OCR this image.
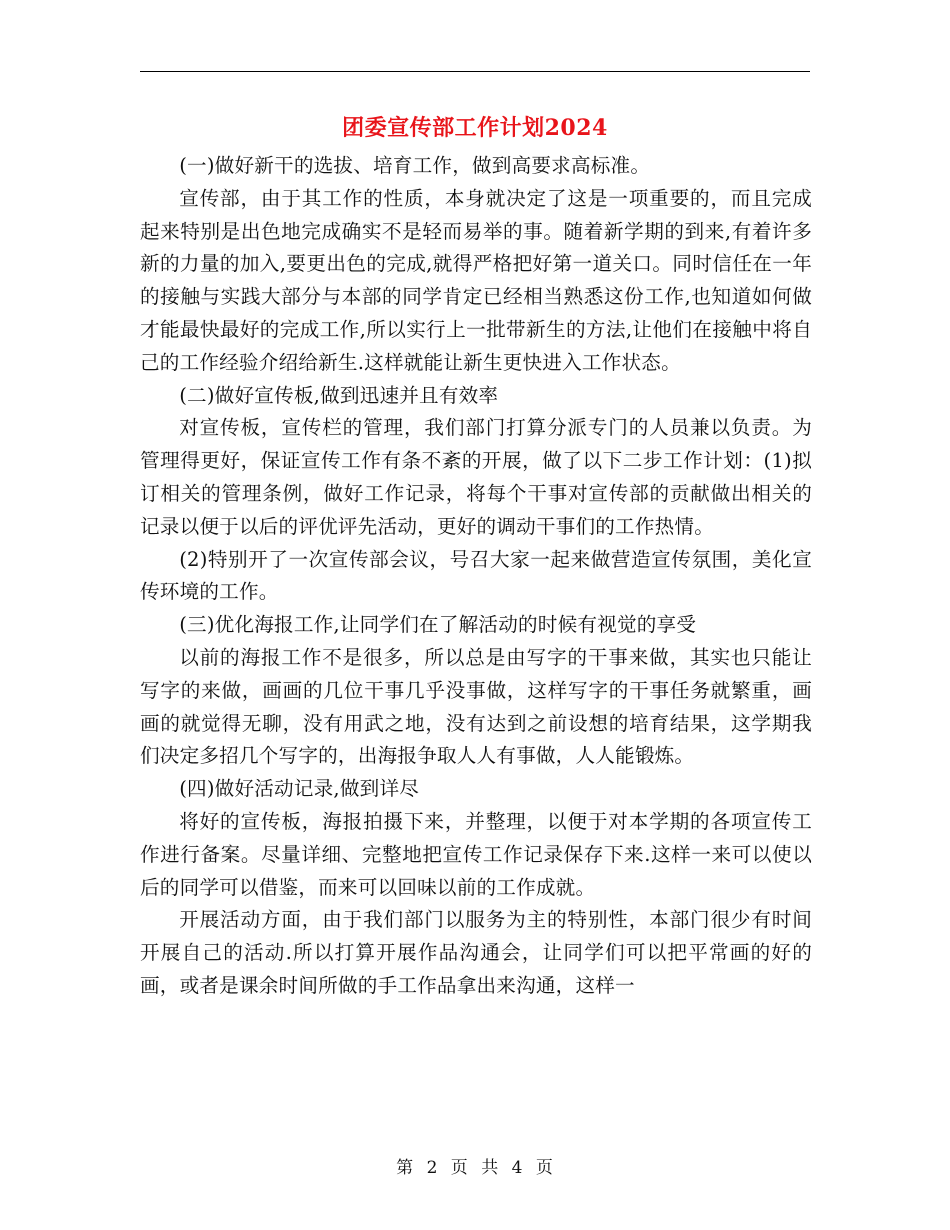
团委宣传部工作计划2024

(一)做好新干的选拔、培育工作，做到高要求高标准。

宣传部，由于其工作的性质，本身就决定了这是一项重要的，而且完成起来特别是出色地完成确实不是轻而易举的事。随着新学期的到来,有着许多新的力量的加入,要更出色的完成,就得严格把好第一道关口。同时信任在一年的接触与实践大部分与本部的同学肯定已经相当熟悉这份工作,也知道如何做才能最快最好的完成工作,所以实行上一批带新生的方法,让他们在接触中将自己的工作经验介绍给新生.这样就能让新生更快进入工作状态。

(二)做好宣传板,做到迅速并且有效率

对宣传板，宣传栏的管理，我们部门打算分派专门的人员兼以负责。为管理得更好，保证宣传工作有条不紊的开展，做了以下二步工作计划：(1)拟订相关的管理条例，做好工作记录，将每个干事对宣传部的贡献做出相关的记录以便于以后的评优评先活动，更好的调动干事们的工作热情。

(2)特别开了一次宣传部会议，号召大家一起来做营造宣传氛围，美化宣传环境的工作。

(三)优化海报工作,让同学们在了解活动的时候有视觉的享受

以前的海报工作不是很多，所以总是由写字的干事来做，其实也只能让写字的来做，画画的几位干事几乎没事做，这样写字的干事任务就繁重，画画的就觉得无聊，没有用武之地，没有达到之前设想的培育结果，这学期我们决定多招几个写字的，出海报争取人人有事做，人人能锻炼。

(四)做好活动记录,做到详尽

将好的宣传板，海报拍摄下来，并整理，以便于对本学期的各项宣传工作进行备案。尽量详细、完整地把宣传工作记录保存下来.这样一来可以使以后的同学可以借鉴，而来可以回味以前的工作成就。

开展活动方面，由于我们部门以服务为主的特别性，本部门很少有时间开展自己的活动.所以打算开展作品沟通会，让同学们可以把平常画的好的画，或者是课余时间所做的手工作品拿出来沟通，这样一

第 2 页 共 4 页
